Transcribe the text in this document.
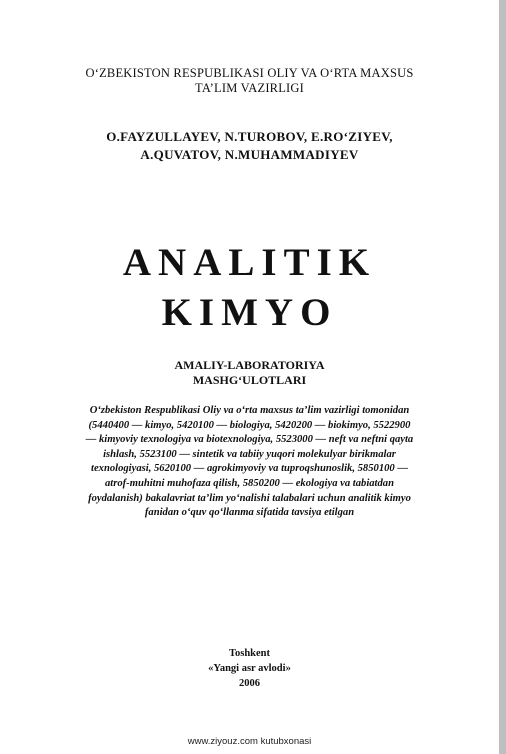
O‘ZBEKISTON RESPUBLIKASI OLIY VA O‘RTA MAXSUS
TA’LIM VAZIRLIGI
O.FAYZULLAYEV, N.TUROBOV, E.RO‘ZIYEV,
A.QUVATOV, N.MUHAMMADIYEV
ANALITIK
KIMYO
AMALIY-LABORATORIYA
MASHG‘ULOTLARI
O‘zbekiston Respublikasi Oliy va o‘rta maxsus ta’lim vazirligi tomonidan
(5440400 — kimyo, 5420100 — biologiya, 5420200 — biokimyo, 5522900
— kimyoviy texnologiya va biotexnologiya, 5523000 — neft va neftni qayta
ishlash, 5523100 — sintetik va tabiiy yuqori molekulyar birikmalar
texnologiyasi, 5620100 — agrokimyoviy va tuproqshunoslik, 5850100 —
atrof-muhitni muhofaza qilish, 5850200 — ekologiya va tabiatdan
foydalanish) bakalavriat ta’lim yo‘nalishi talabalari uchun analitik kimyo
fanidan o‘quv qo‘llanma sifatida tavsiya etilgan
Toshkent
«Yangi asr avlodi»
2006
www.ziyouz.com kutubxonasi
